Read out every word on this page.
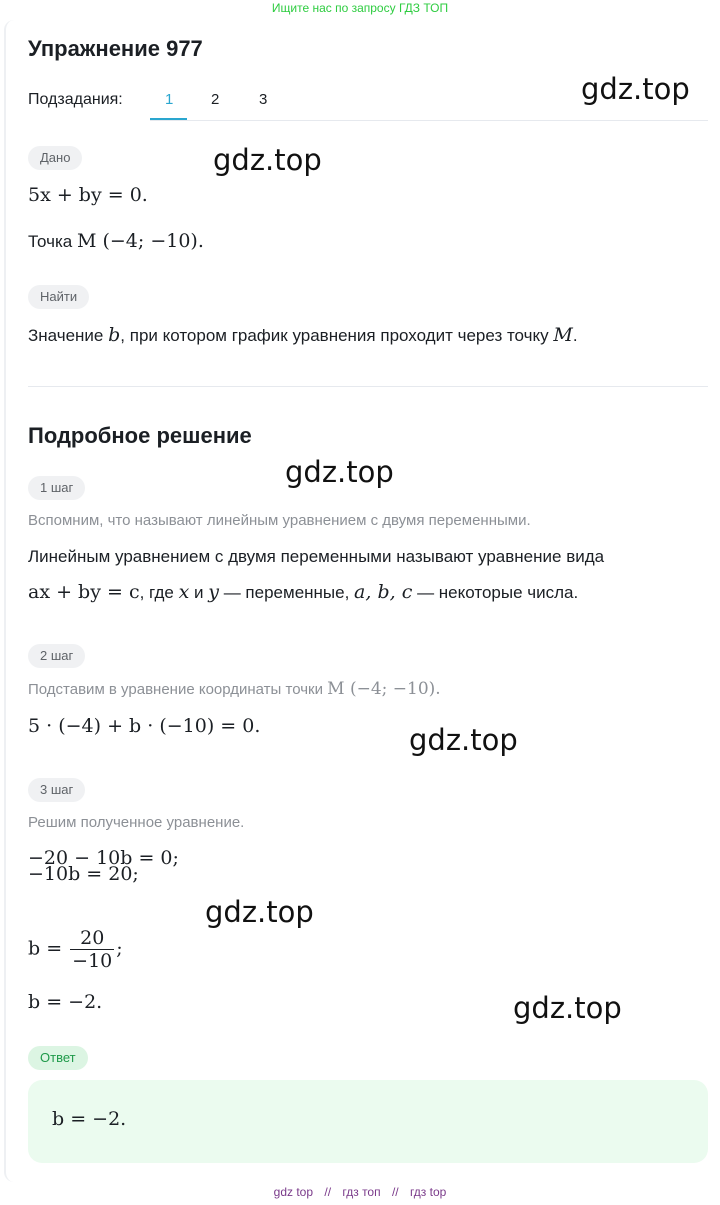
Ищите нас по запросу ГДЗ ТОП
Упражнение 977
Подзадания:	1	2	3	gdz.top
gdz.top
gdz.top
gdz.top
gdz.top
gdz.top
Дано
5x + by = 0.
Точка M (−4; −10).
Найти
Значение b, при котором график уравнения проходит через точку M.
Подробное решение
1 шаг
Вспомним, что называют линейным уравнением с двумя переменными.
Линейным уравнением с двумя переменными называют уравнение вида
ax + by = c, где x и y — переменные, a, b, c — некоторые числа.
2 шаг
Подставим в уравнение координаты точки M (−4; −10).
5 · (−4) + b · (−10) = 0.
3 шаг
Решим полученное уравнение.
−20 − 10b = 0;
−10b = 20;
$b = \frac{20}{-10}$ ;
b = −2.
Ответ
b = −2.
gdz top // гдз топ // гдз top
